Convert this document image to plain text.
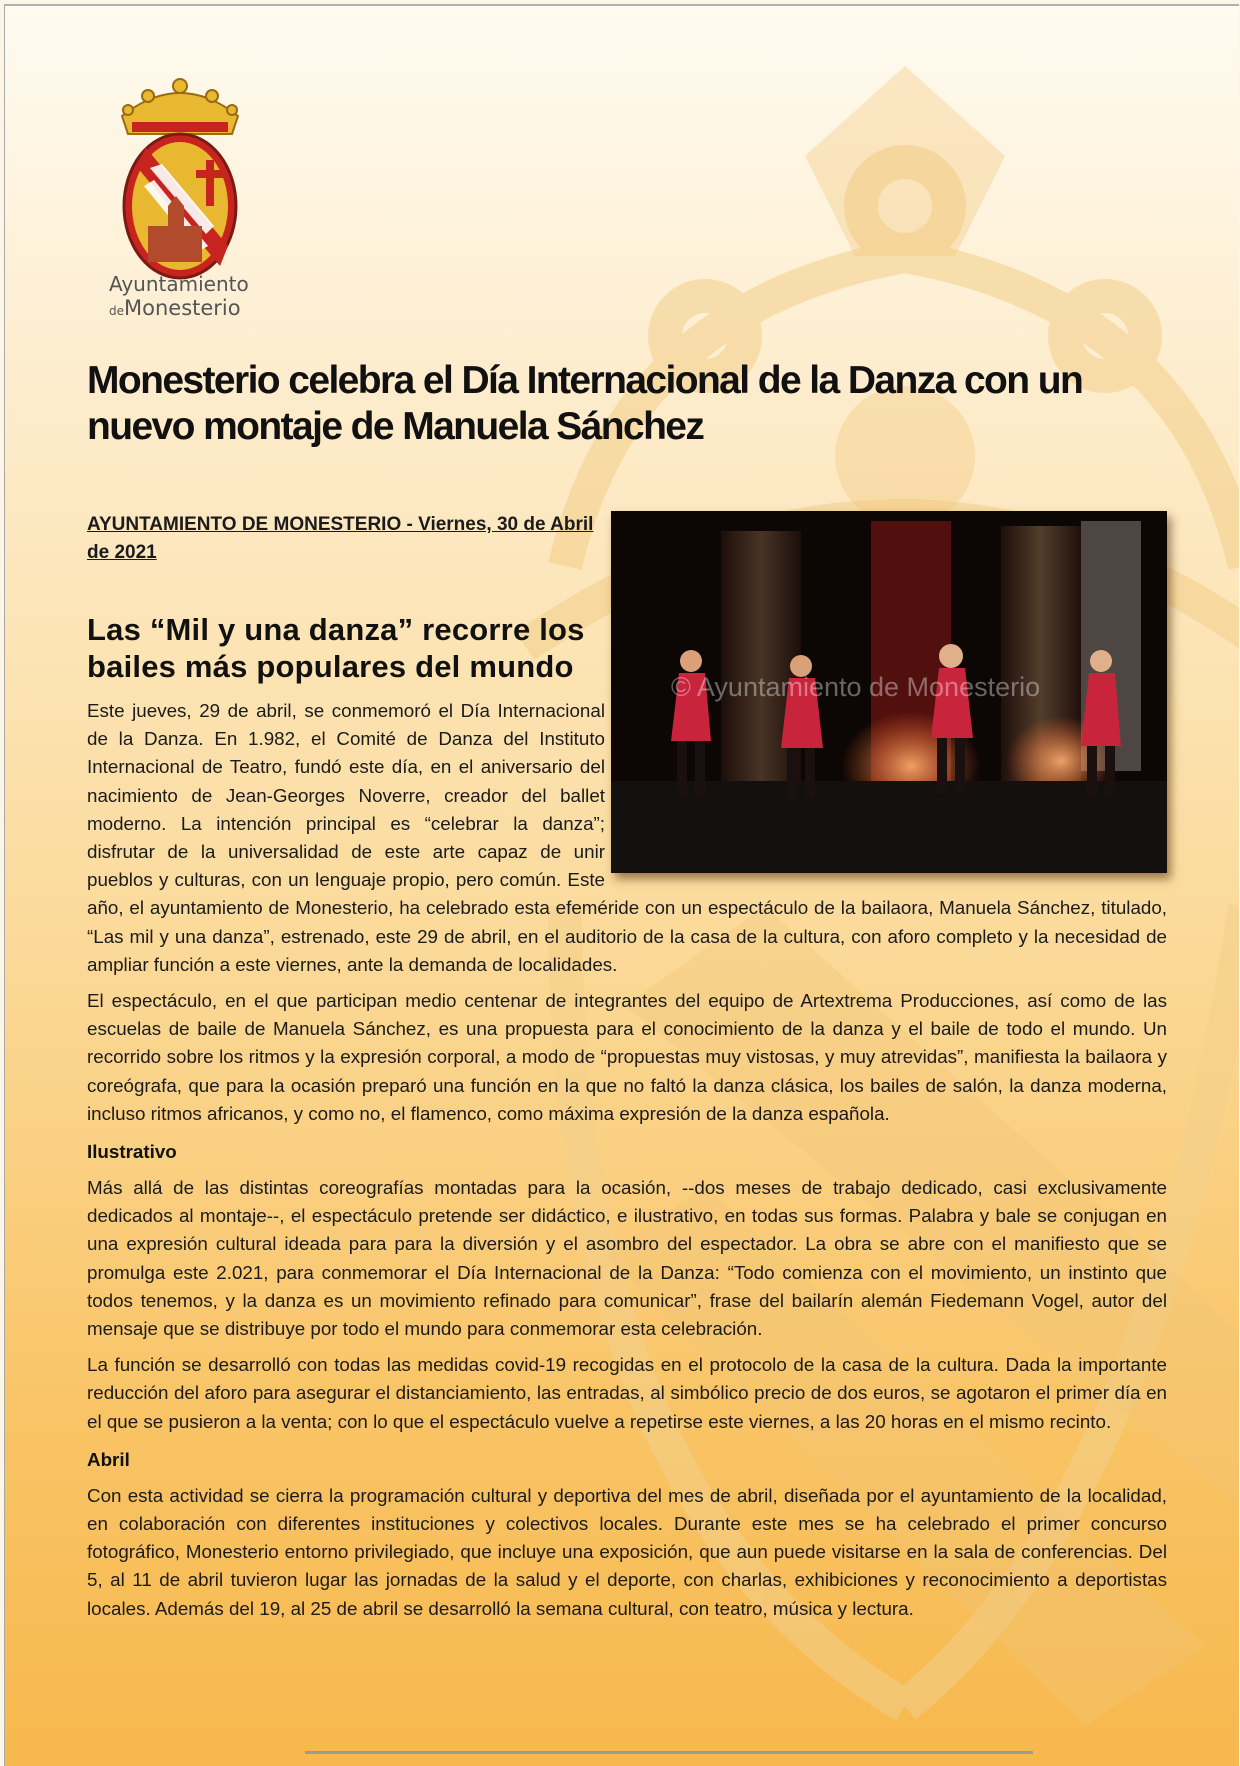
Ayuntamiento
deMonesterio
Monesterio celebra el Día Internacional de la Danza con un nuevo montaje de Manuela Sánchez
© Ayuntamiento de Monesterio

AYUNTAMIENTO DE MONESTERIO - Viernes, 30 de Abril de 2021

Las “Mil y una danza” recorre los bailes más populares del mundo

Este jueves, 29 de abril, se conmemoró el Día Internacional de la Danza. En 1.982, el Comité de Danza del Instituto Internacional de Teatro, fundó este día, en el aniversario del nacimiento de Jean-Georges Noverre, creador del ballet moderno. La intención principal es “celebrar la danza”; disfrutar de la universalidad de este arte capaz de unir pueblos y culturas, con un lenguaje propio, pero común. Este año, el ayuntamiento de Monesterio, ha celebrado esta efeméride con un espectáculo de la bailaora, Manuela Sánchez, titulado, “Las mil y una danza”, estrenado, este 29 de abril, en el auditorio de la casa de la cultura, con aforo completo y la necesidad de ampliar función a este viernes, ante la demanda de localidades.

El espectáculo, en el que participan medio centenar de integrantes del equipo de Artextrema Producciones, así como de las escuelas de baile de Manuela Sánchez, es una propuesta para el conocimiento de la danza y el baile de todo el mundo. Un recorrido sobre los ritmos y la expresión corporal, a modo de “propuestas muy vistosas, y muy atrevidas”, manifiesta la bailaora y coreógrafa, que para la ocasión preparó una función en la que no faltó la danza clásica, los bailes de salón, la danza moderna, incluso ritmos africanos, y como no, el flamenco, como máxima expresión de la danza española.

Ilustrativo

Más allá de las distintas coreografías montadas para la ocasión, --dos meses de trabajo dedicado, casi exclusivamente dedicados al montaje--, el espectáculo pretende ser didáctico, e ilustrativo, en todas sus formas. Palabra y bale se conjugan en una expresión cultural ideada para para la diversión y el asombro del espectador. La obra se abre con el manifiesto que se promulga este 2.021, para conmemorar el Día Internacional de la Danza: “Todo comienza con el movimiento, un instinto que todos tenemos, y la danza es un movimiento refinado para comunicar”, frase del bailarín alemán Fiedemann Vogel, autor del mensaje que se distribuye por todo el mundo para conmemorar esta celebración.

La función se desarrolló con todas las medidas covid-19 recogidas en el protocolo de la casa de la cultura. Dada la importante reducción del aforo para asegurar el distanciamiento, las entradas, al simbólico precio de dos euros, se agotaron el primer día en el que se pusieron a la venta; con lo que el espectáculo vuelve a repetirse este viernes, a las 20 horas en el mismo recinto.

Abril

Con esta actividad se cierra la programación cultural y deportiva del mes de abril, diseñada por el ayuntamiento de la localidad, en colaboración con diferentes instituciones y colectivos locales. Durante este mes se ha celebrado el primer concurso fotográfico, Monesterio entorno privilegiado, que incluye una exposición, que aun puede visitarse en la sala de conferencias. Del 5, al 11 de abril tuvieron lugar las jornadas de la salud y el deporte, con charlas, exhibiciones y reconocimiento a deportistas locales. Además del 19, al 25 de abril se desarrolló la semana cultural, con teatro, música y lectura.
